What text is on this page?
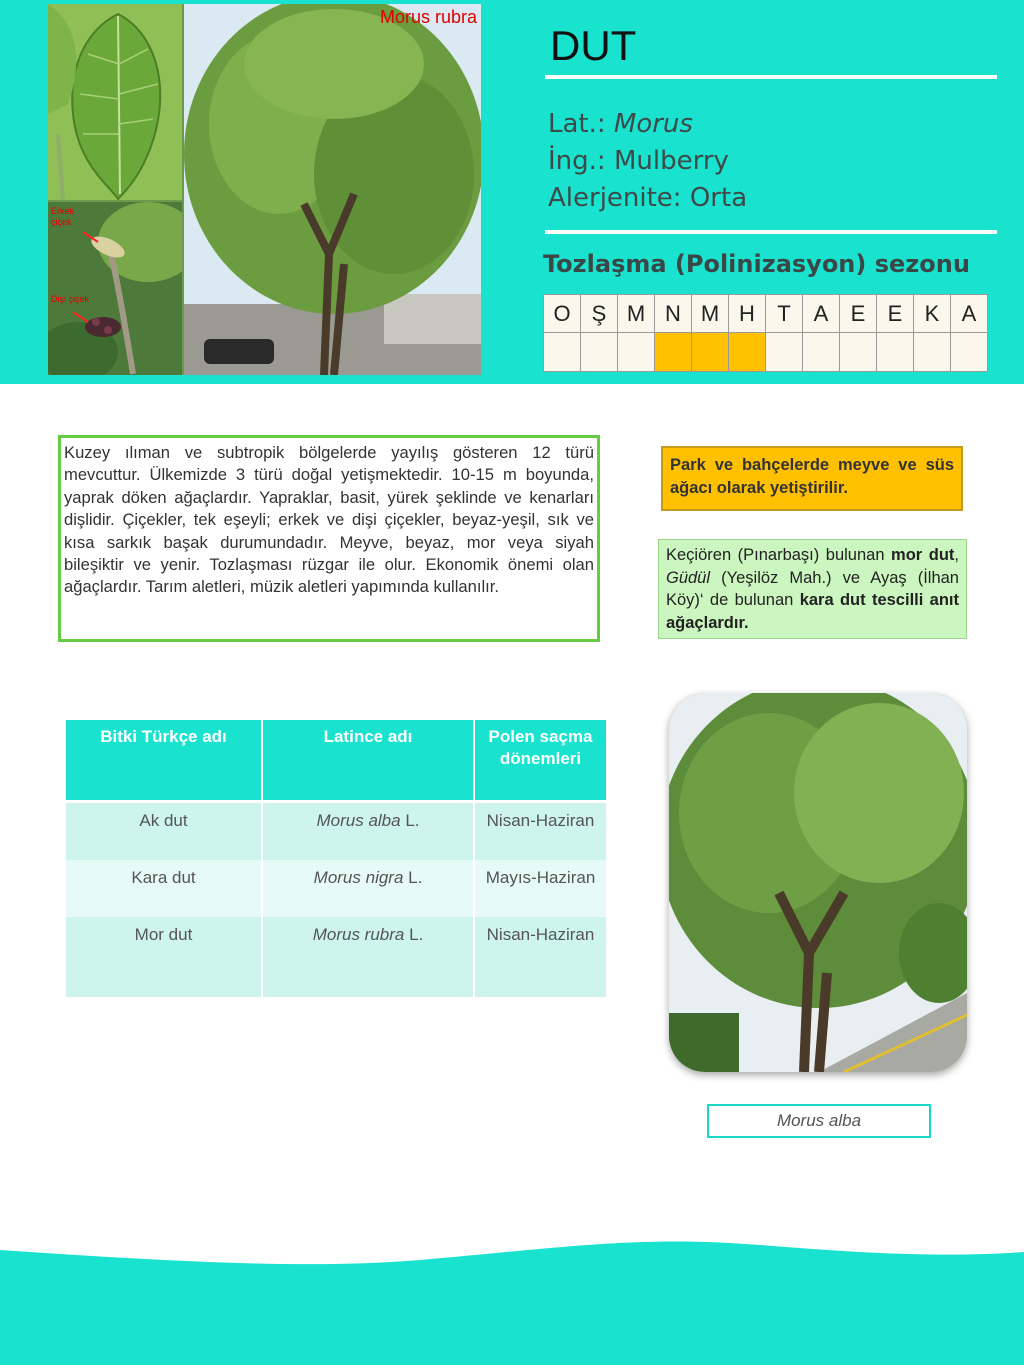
Erkek çiçek
Dişi çiçek
Morus rubra
DUT
Lat.: Morus
İng.: Mulberry
Alerjenite: Orta
Tozlaşma (Polinizasyon) sezonu
O	Ş	M	N	M	H	T	A	E	E	K	A

Kuzey ılıman ve subtropik bölgelerde yayılış gösteren 12 türü mevcuttur. Ülkemizde 3 türü doğal yetişmektedir. 10-15 m boyunda, yaprak döken ağaçlardır. Yapraklar, basit, yürek şeklinde ve kenarları dişlidir. Çiçekler, tek eşeyli; erkek ve dişi çiçekler, beyaz-yeşil, sık ve kısa sarkık başak durumundadır. Meyve, beyaz, mor veya siyah bileşiktir ve yenir. Tozlaşması rüzgar ile olur. Ekonomik önemi olan ağaçlardır. Tarım aletleri, müzik aletleri yapımında kullanılır.
Park ve bahçelerde meyve ve süs ağacı olarak yetiştirilir.
Keçiören (Pınarbaşı) bulunan mor dut, Güdül (Yeşilöz Mah.) ve Ayaş (İlhan Köy)‘ de bulunan kara dut tescilli anıt ağaçlardır.
Bitki Türkçe adı	Latince adı	Polen saçma dönemleri
Ak dut	Morus alba L.	Nisan-Haziran
Kara dut	Morus nigra L.	Mayıs-Haziran
Mor dut	Morus rubra L.	Nisan-Haziran
Morus alba
